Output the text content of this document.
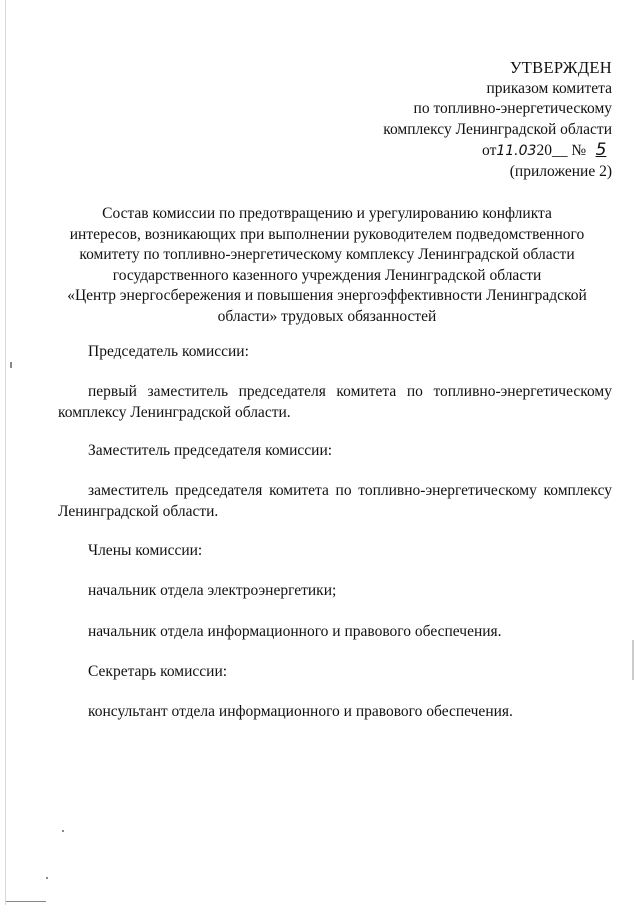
УТВЕРЖДЕН
приказом комитета
по топливно-энергетическому
комплексу Ленинградской области
от11.0320__ № 5
(приложение 2)
Состав комиссии по предотвращению и урегулированию конфликта
интересов, возникающих при выполнении руководителем подведомственного
комитету по топливно-энергетическому комплексу Ленинградской области
государственного казенного учреждения Ленинградской области
«Центр энергосбережения и повышения энергоэффективности Ленинградской
области» трудовых обязанностей
Председатель комиссии:
первый заместитель председателя комитета по топливно-энергетическому комплексу Ленинградской области.
Заместитель председателя комиссии:
заместитель председателя комитета по топливно-энергетическому комплексу Ленинградской области.
Члены комиссии:
начальник отдела электроэнергетики;
начальник отдела информационного и правового обеспечения.
Секретарь комиссии:
консультант отдела информационного и правового обеспечения.
